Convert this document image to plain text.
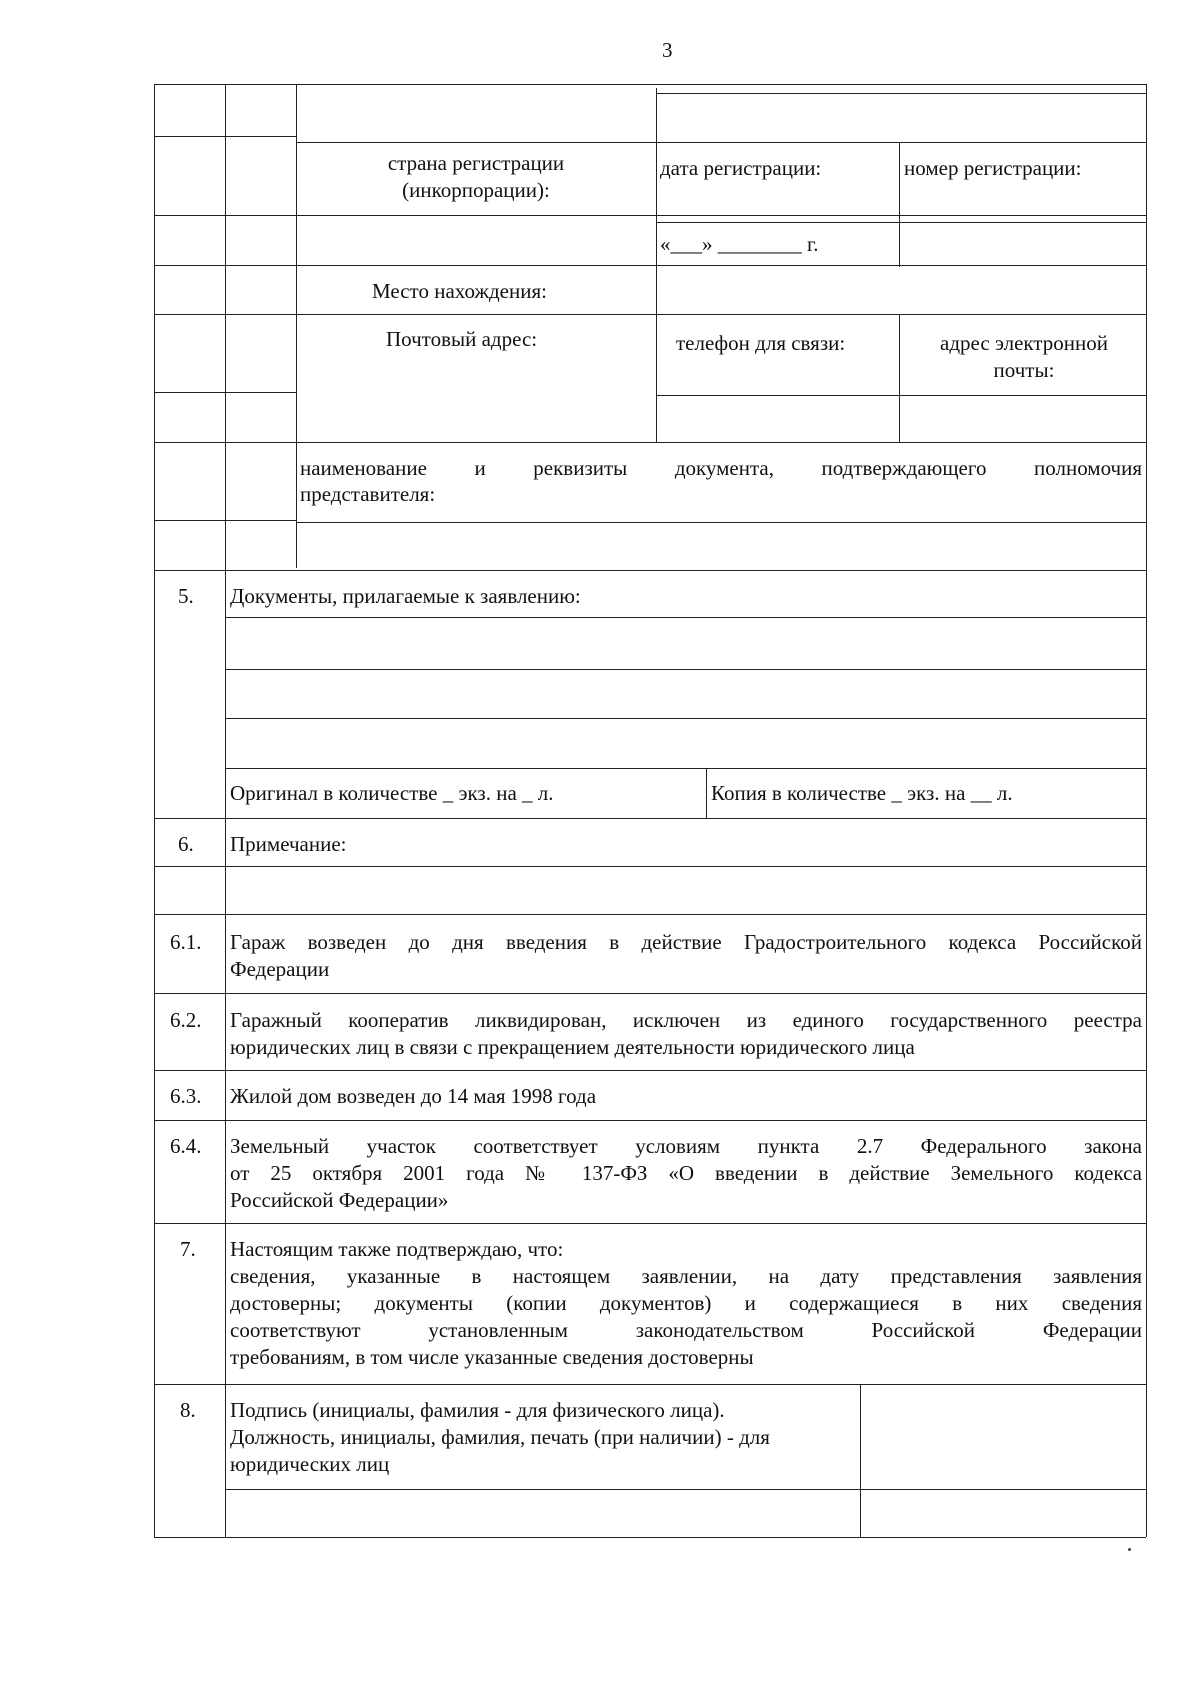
3
страна регистрации (инкорпорации):
дата регистрации:	номер регистрации:
«___» ________ г.
Место нахождения:
Почтовый адрес:	телефон для связи:	адрес электронной почты:
наименование и реквизиты документа, подтверждающего полномочия
представителя:
5. Документы, прилагаемые к заявлению:
Оригинал в количестве _ экз. на _ л.	Копия в количестве _ экз. на __ л.
6. Примечание:
6.1. Гараж возведен до дня введения в действие Градостроительного кодекса Российской
Федерации
6.2. Гаражный кооператив ликвидирован, исключен из единого государственного реестра
юридических лиц в связи с прекращением деятельности юридического лица
6.3. Жилой дом возведен до 14 мая 1998 года
6.4. Земельный участок соответствует условиям пункта 2.7 Федерального закона
от 25 октября 2001 года № 137-ФЗ «О введении в действие Земельного кодекса
Российской Федерации»
7. Настоящим также подтверждаю, что:
сведения, указанные в настоящем заявлении, на дату представления заявления
достоверны; документы (копии документов) и содержащиеся в них сведения
соответствуют установленным законодательством Российской Федерации
требованиям, в том числе указанные сведения достоверны
8. Подпись (инициалы, фамилия - для физического лица).
Должность, инициалы, фамилия, печать (при наличии) - для
юридических лиц
